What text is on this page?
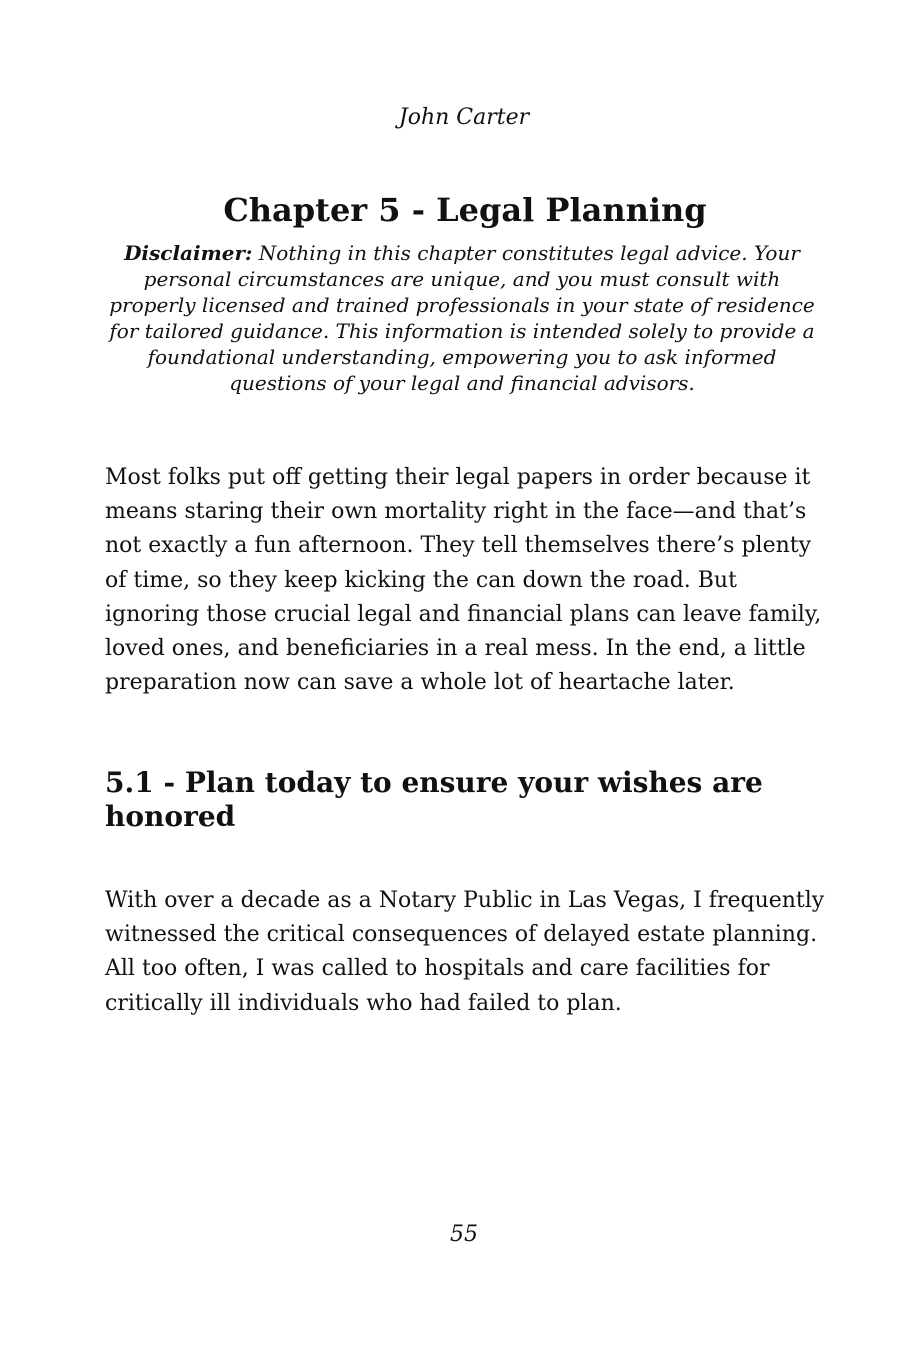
John Carter
Chapter 5 - Legal Planning

Disclaimer: Nothing in this chapter constitutes legal advice. Your personal circumstances are unique, and you must consult with properly licensed and trained professionals in your state of residence for tailored guidance. This information is intended solely to provide a foundational understanding, empowering you to ask informed questions of your legal and financial advisors.

Most folks put off getting their legal papers in order because it means staring their own mortality right in the face—and that’s not exactly a fun afternoon. They tell themselves there’s plenty of time, so they keep kicking the can down the road. But ignoring those crucial legal and financial plans can leave family, loved ones, and beneficiaries in a real mess. In the end, a little preparation now can save a whole lot of heartache later.

5.1 - Plan today to ensure your wishes are honored

With over a decade as a Notary Public in Las Vegas, I frequently witnessed the critical consequences of delayed estate planning. All too often, I was called to hospitals and care facilities for critically ill individuals who had failed to plan.

55
